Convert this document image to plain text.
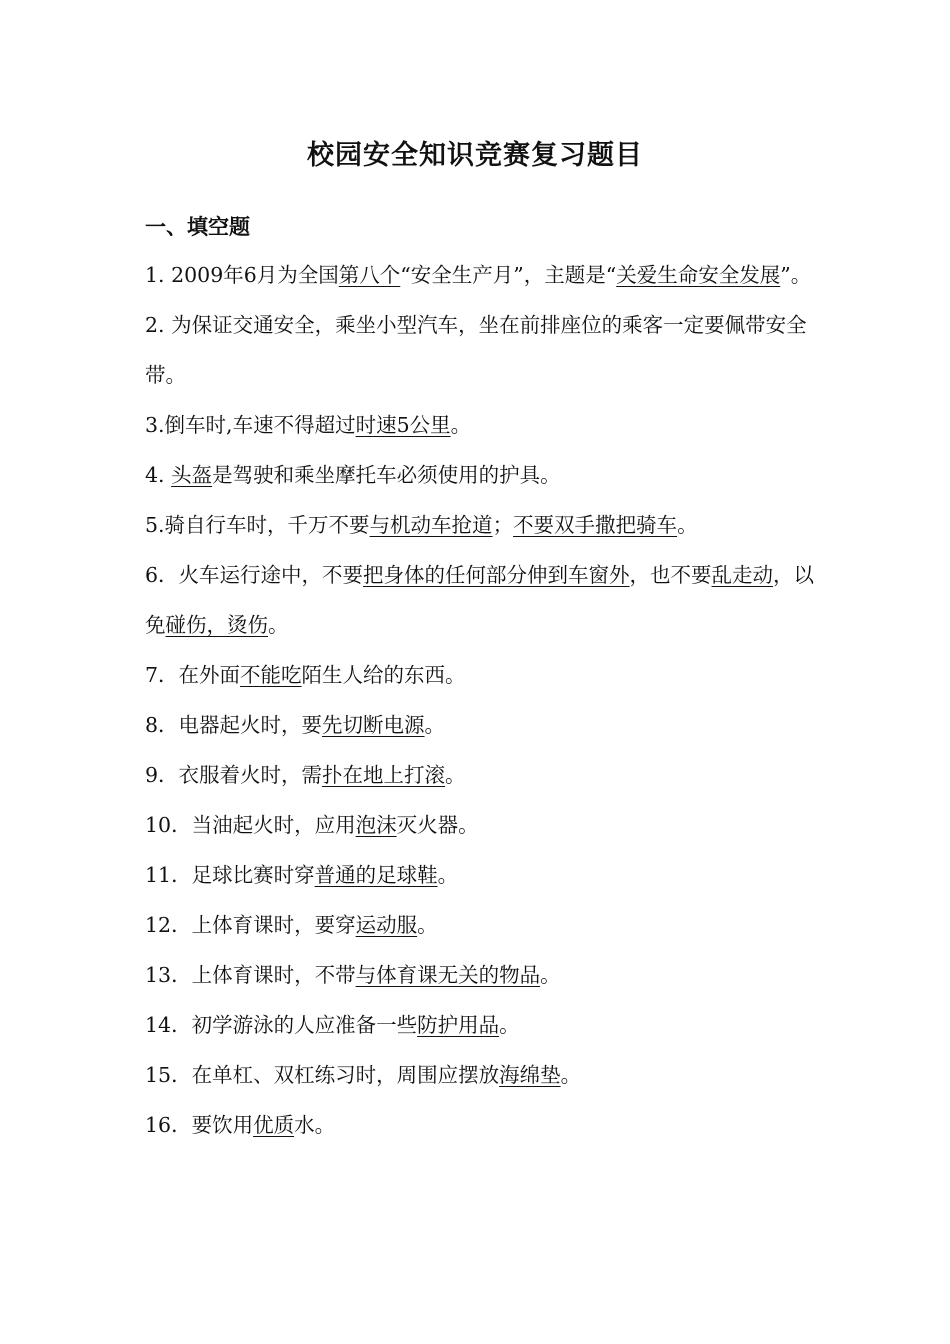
校园安全知识竞赛复习题目
一、填空题

1. 2009年6月为全国第八个“安全生产月”，主题是“关爱生命安全发展”。

2. 为保证交通安全，乘坐小型汽车，坐在前排座位的乘客一定要佩带安全带。

3.倒车时,车速不得超过时速5公里。

4. 头盔是驾驶和乘坐摩托车必须使用的护具。

5.骑自行车时，千万不要与机动车抢道；不要双手撒把骑车。

6．火车运行途中，不要把身体的任何部分伸到车窗外，也不要乱走动，以免碰伤，烫伤。

7．在外面不能吃陌生人给的东西。

8．电器起火时，要先切断电源。

9．衣服着火时，需扑在地上打滚。

10．当油起火时，应用泡沫灭火器。

11．足球比赛时穿普通的足球鞋。

12．上体育课时，要穿运动服。

13．上体育课时，不带与体育课无关的物品。

14．初学游泳的人应准备一些防护用品。

15．在单杠、双杠练习时，周围应摆放海绵垫。

16．要饮用优质水。
